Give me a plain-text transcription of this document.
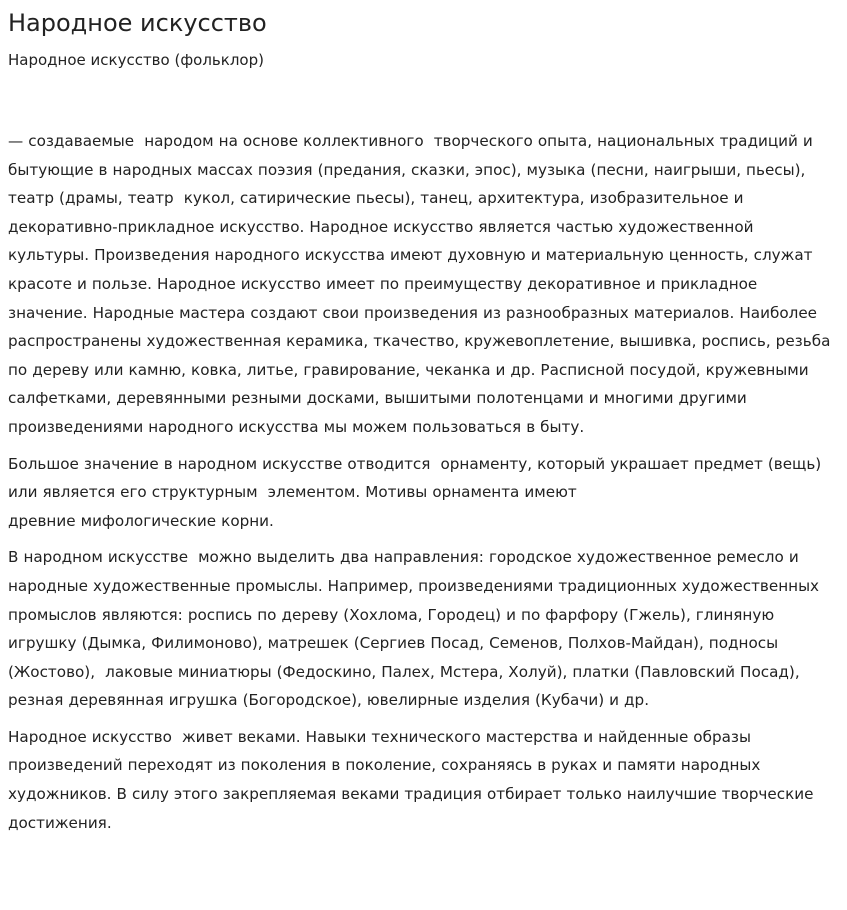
Народное искусство
Народное искусство (фольклор)

— создаваемые  народом на основе коллективного  творческого опыта, национальных традиций и бытующие в народных массах поэзия (предания, сказки, эпос), музыка (песни, наигрыши, пьесы), театр (драмы, театр  кукол, сатирические пьесы), танец, архитектура, изобразительное и декоративно-прикладное искусство. Народное искусство является частью художественной культуры. Произведения народного искусства имеют духовную и материальную ценность, служат красоте и пользе. Народное искусство имеет по преимуществу декоративное и прикладное значение. Народные мастера создают свои произведения из разнообразных материалов. Наиболее распространены художественная керамика, ткачество, кружевоплетение, вышивка, роспись, резьба по дереву или камню, ковка, литье, гравирование, чеканка и др. Расписной посудой, кружевными салфетками, деревянными резными досками, вышитыми полотенцами и многими другими произведениями народного искусства мы можем пользоваться в быту.

Большое значение в народном искусстве отводится  орнаменту, который украшает предмет (вещь) или является его структурным  элементом. Мотивы орнамента имеют
древние мифологические корни.

В народном искусстве  можно выделить два направления: городское художественное ремесло и народные художественные промыслы. Например, произведениями традиционных художественных промыслов являются: роспись по дереву (Хохлома, Городец) и по фарфору (Гжель), глиняную игрушку (Дымка, Филимоново), матрешек (Сергиев Посад, Семенов, Полхов-Майдан), подносы (Жостово),  лаковые миниатюры (Федоскино, Палех, Мстера, Холуй), платки (Павловский Посад), резная деревянная игрушка (Богородское), ювелирные изделия (Кубачи) и др.

Народное искусство  живет веками. Навыки технического мастерства и найденные образы произведений переходят из поколения в поколение, сохраняясь в руках и памяти народных художников. В силу этого закрепляемая веками традиция отбирает только наилучшие творческие достижения.
